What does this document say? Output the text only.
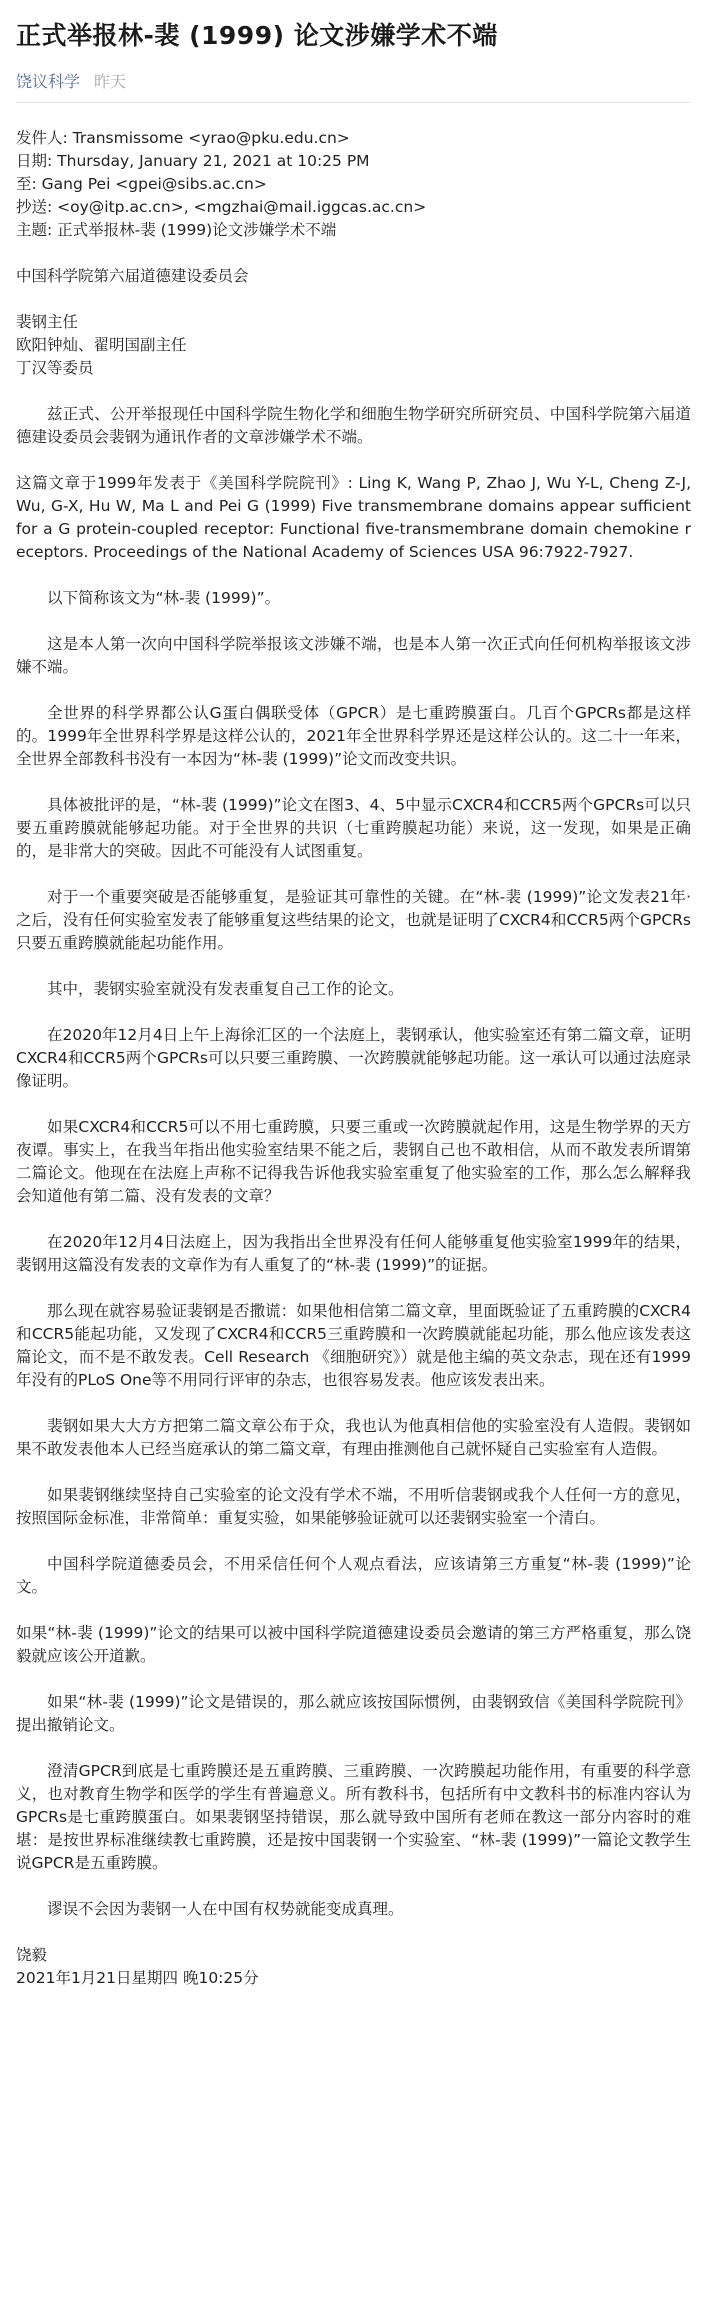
正式举报林-裴 (1999) 论文涉嫌学术不端
饶议科学 昨天

发件人: Transmissome <yrao@pku.edu.cn>

日期: Thursday, January 21, 2021 at 10:25 PM

至: Gang Pei <gpei@sibs.ac.cn>

抄送: <oy@itp.ac.cn>, <mgzhai@mail.iggcas.ac.cn>

主题: 正式举报林-裴 (1999)论文涉嫌学术不端

中国科学院第六届道德建设委员会

裴钢主任

欧阳钟灿、翟明国副主任

丁汉等委员

兹正式、公开举报现任中国科学院生物化学和细胞生物学研究所研究员、中国科学院第六届道德建设委员会裴钢为通讯作者的文章涉嫌学术不端。

这篇文章于1999年发表于《美国科学院院刊》: Ling K, Wang P, Zhao J, Wu Y-L, Cheng Z-J, Wu, G-X, Hu W, Ma L and Pei G (1999) Five transmembrane domains appear sufficient for a G protein-coupled receptor: Functional five-transmembrane domain chemokine receptors. Proceedings of the National Academy of Sciences USA 96:7922-7927.

以下简称该文为“林-裴 (1999)”。

这是本人第一次向中国科学院举报该文涉嫌不端，也是本人第一次正式向任何机构举报该文涉嫌不端。

全世界的科学界都公认G蛋白偶联受体（GPCR）是七重跨膜蛋白。几百个GPCRs都是这样的。1999年全世界科学界是这样公认的，2021年全世界科学界还是这样公认的。这二十一年来，全世界全部教科书没有一本因为“林-裴 (1999)”论文而改变共识。

具体被批评的是，“林-裴 (1999)”论文在图3、4、5中显示CXCR4和CCR5两个GPCRs可以只要五重跨膜就能够起功能。对于全世界的共识（七重跨膜起功能）来说，这一发现，如果是正确的，是非常大的突破。因此不可能没有人试图重复。

对于一个重要突破是否能够重复，是验证其可靠性的关键。在“林-裴 (1999)”论文发表21年·之后，没有任何实验室发表了能够重复这些结果的论文，也就是证明了CXCR4和CCR5两个GPCRs只要五重跨膜就能起功能作用。

其中，裴钢实验室就没有发表重复自己工作的论文。

在2020年12月4日上午上海徐汇区的一个法庭上，裴钢承认，他实验室还有第二篇文章，证明CXCR4和CCR5两个GPCRs可以只要三重跨膜、一次跨膜就能够起功能。这一承认可以通过法庭录像证明。

如果CXCR4和CCR5可以不用七重跨膜，只要三重或一次跨膜就起作用，这是生物学界的天方夜谭。事实上，在我当年指出他实验室结果不能之后，裴钢自己也不敢相信，从而不敢发表所谓第二篇论文。他现在在法庭上声称不记得我告诉他我实验室重复了他实验室的工作，那么怎么解释我会知道他有第二篇、没有发表的文章？

在2020年12月4日法庭上，因为我指出全世界没有任何人能够重复他实验室1999年的结果，裴钢用这篇没有发表的文章作为有人重复了的“林-裴 (1999)”的证据。

那么现在就容易验证裴钢是否撒谎：如果他相信第二篇文章，里面既验证了五重跨膜的CXCR4和CCR5能起功能，又发现了CXCR4和CCR5三重跨膜和一次跨膜就能起功能，那么他应该发表这篇论文，而不是不敢发表。Cell Research 《细胞研究》）就是他主编的英文杂志，现在还有1999年没有的PLoS One等不用同行评审的杂志，也很容易发表。他应该发表出来。

裴钢如果大大方方把第二篇文章公布于众，我也认为他真相信他的实验室没有人造假。裴钢如果不敢发表他本人已经当庭承认的第二篇文章，有理由推测他自己就怀疑自己实验室有人造假。

如果裴钢继续坚持自己实验室的论文没有学术不端，不用听信裴钢或我个人任何一方的意见，按照国际金标准，非常简单：重复实验，如果能够验证就可以还裴钢实验室一个清白。

中国科学院道德委员会，不用采信任何个人观点看法，应该请第三方重复“林-裴 (1999)”论文。

如果“林-裴 (1999)”论文的结果可以被中国科学院道德建设委员会邀请的第三方严格重复，那么饶毅就应该公开道歉。

如果“林-裴 (1999)”论文是错误的，那么就应该按国际惯例，由裴钢致信《美国科学院院刊》提出撤销论文。

澄清GPCR到底是七重跨膜还是五重跨膜、三重跨膜、一次跨膜起功能作用，有重要的科学意义，也对教育生物学和医学的学生有普遍意义。所有教科书，包括所有中文教科书的标准内容认为GPCRs是七重跨膜蛋白。如果裴钢坚持错误，那么就导致中国所有老师在教这一部分内容时的难堪：是按世界标准继续教七重跨膜，还是按中国裴钢一个实验室、“林-裴 (1999)”一篇论文教学生说GPCR是五重跨膜。

谬误不会因为裴钢一人在中国有权势就能变成真理。

饶毅

2021年1月21日星期四 晚10:25分
